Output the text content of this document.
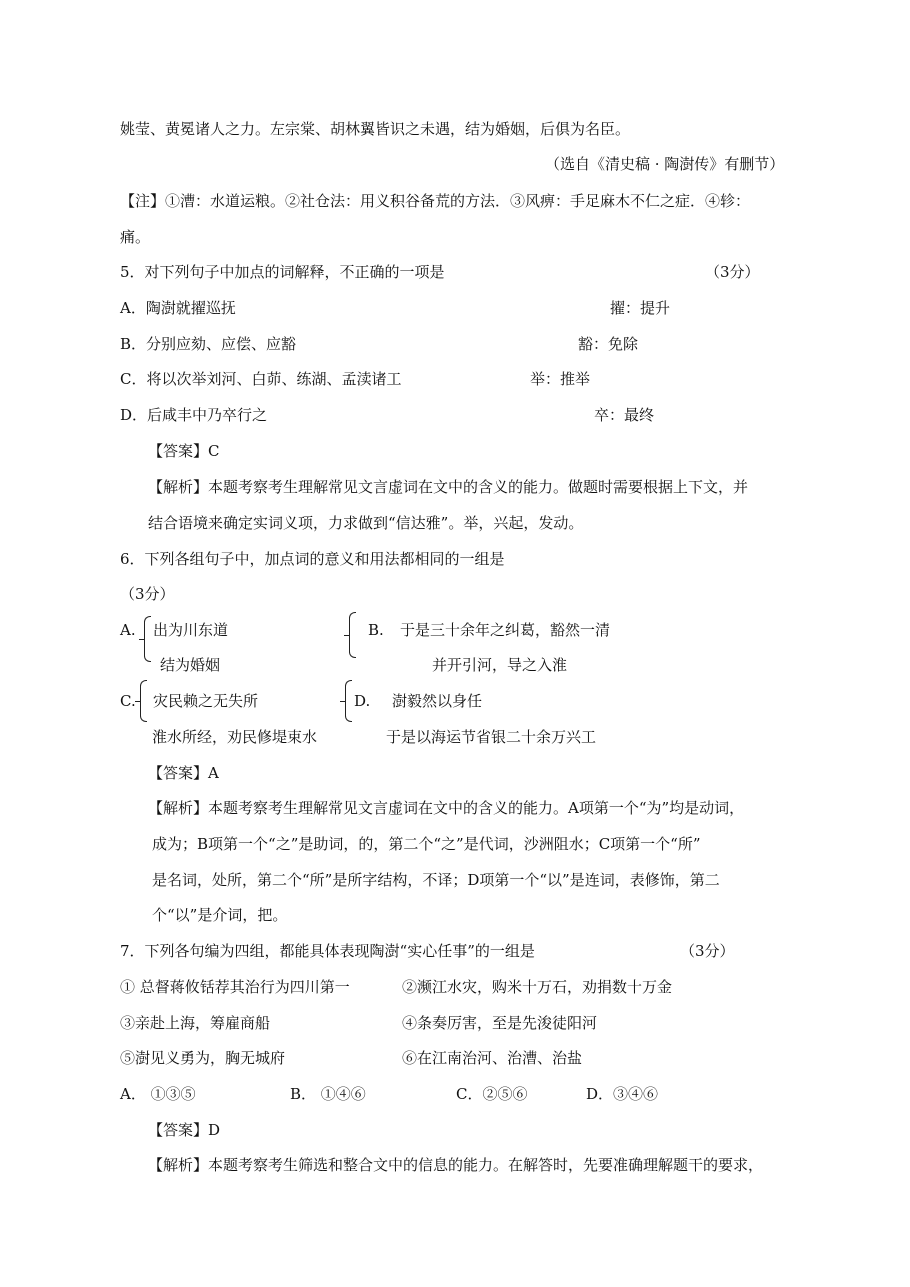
姚莹、黄冕诸人之力。左宗棠、胡林翼皆识之未遇，结为婚姻，后俱为名臣。
（选自《清史稿 · 陶澍传》有删节）
【注】①漕：水道运粮。②社仓法：用义积谷备荒的方法．③风痹：手足麻木不仁之症．④轸：
痛。
5．对下列句子中加点的词解释，不正确的一项是	（3分）
A．陶澍就擢巡抚	擢：提升
B．分别应劾、应偿、应豁	豁：免除
C．将以次举刘河、白茆、练湖、孟渎诸工	举：推举
D．后咸丰中乃卒行之	卒：最终
【答案】C
【解析】本题考察考生理解常见文言虚词在文中的含义的能力。做题时需要根据上下文，并
结合语境来确定实词义项，力求做到“信达雅”。举，兴起，发动。
6．下列各组句子中，加点词的意义和用法都相同的一组是
（3分）
A. 出为川东道
结为婚姻
B. 于是三十余年之纠葛，豁然一清
并开引河，导之入淮
C. 灾民赖之无失所
淮水所经，劝民修堤束水
D. 澍毅然以身任
于是以海运节省银二十余万兴工
【答案】A
【解析】本题考察考生理解常见文言虚词在文中的含义的能力。A项第一个“为”均是动词，
成为；B项第一个“之”是助词，的，第二个“之”是代词，沙洲阻水；C项第一个“所”
是名词，处所，第二个“所”是所字结构，不译；D项第一个“以”是连词，表修饰，第二
个“以”是介词，把。
7．下列各句编为四组，都能具体表现陶澍“实心任事”的一组是	（3分）
① 总督蒋攸铦荐其治行为四川第一	②濒江水灾，购米十万石，劝捐数十万金
③亲赴上海，筹雇商船	④条奏厉害，至是先浚徒阳河
⑤澍见义勇为，胸无城府	⑥在江南治河、治漕、治盐
A． ①③⑤	B． ①④⑥	C．②⑤⑥	D．③④⑥
【答案】D
【解析】本题考察考生筛选和整合文中的信息的能力。在解答时，先要准确理解题干的要求，
